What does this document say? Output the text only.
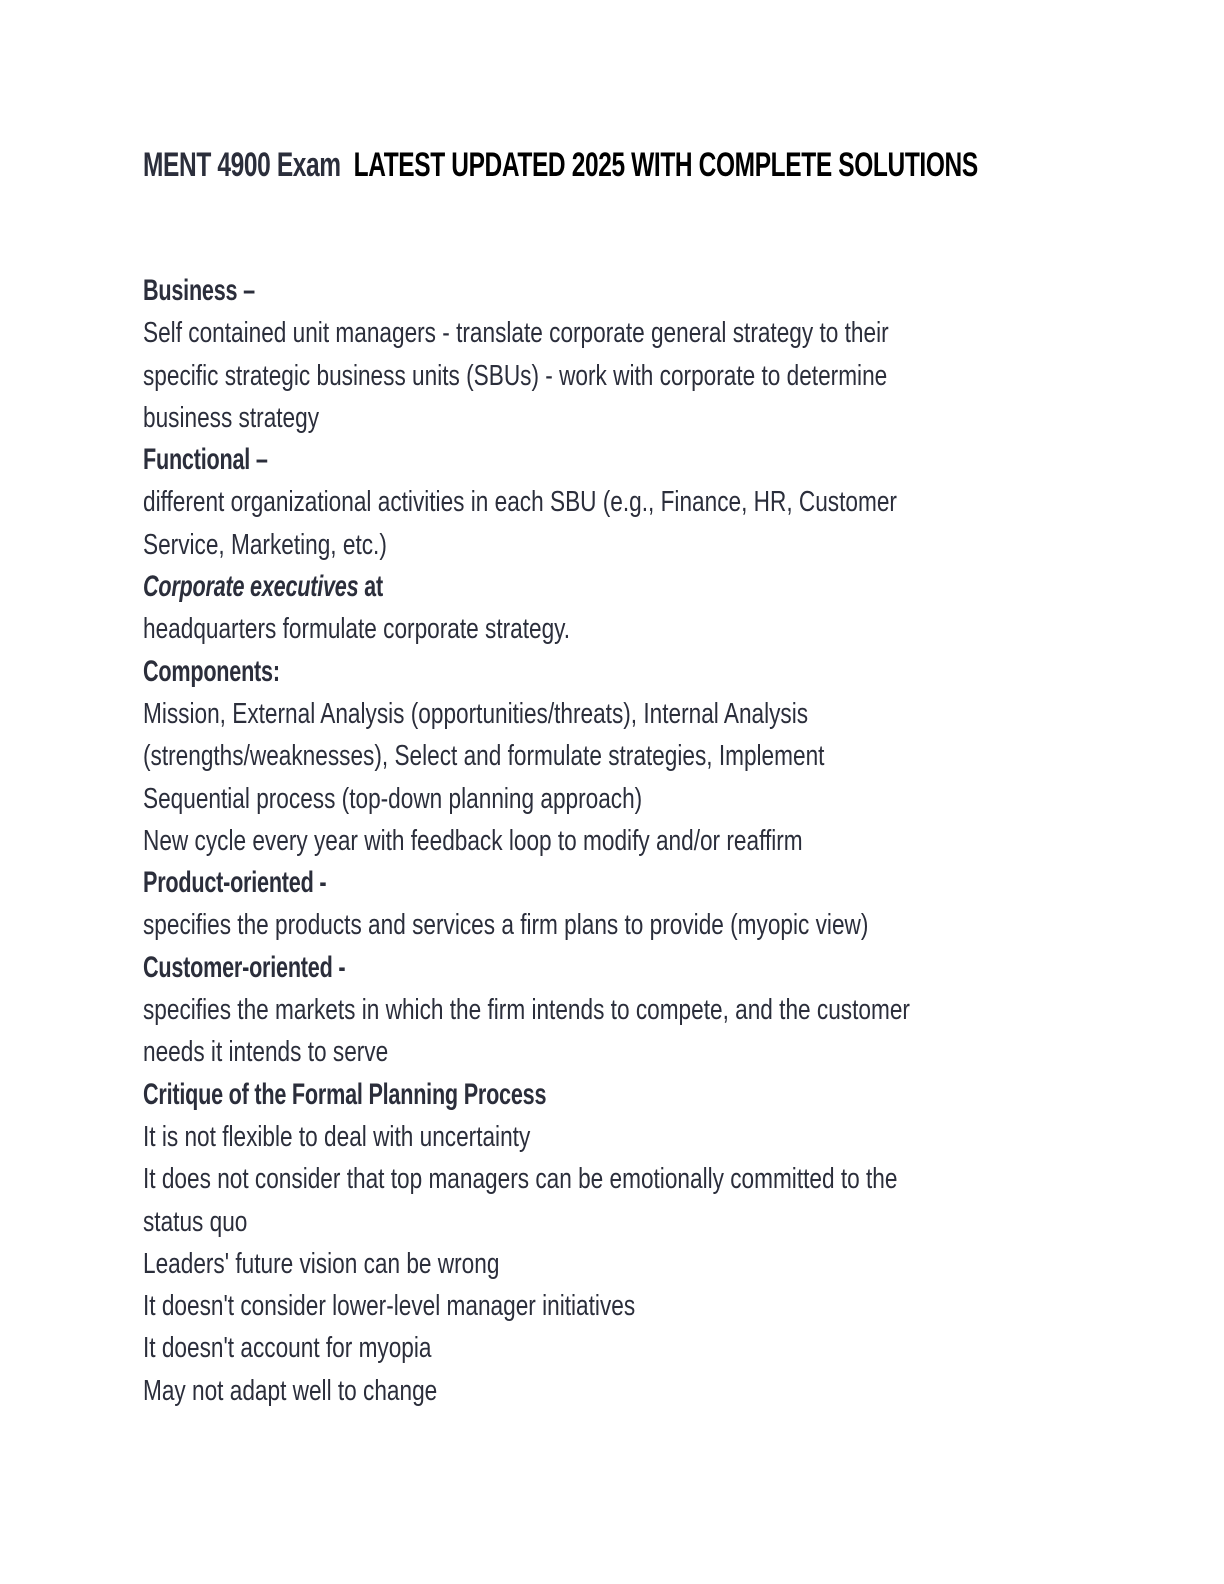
MENT 4900 Exam LATEST UPDATED 2025 WITH COMPLETE SOLUTIONS
Business –
Self contained unit managers - translate corporate general strategy to their
specific strategic business units (SBUs) - work with corporate to determine
business strategy
Functional –
different organizational activities in each SBU (e.g., Finance, HR, Customer
Service, Marketing, etc.)
Corporate executives at
headquarters formulate corporate strategy.
Components:
Mission, External Analysis (opportunities/threats), Internal Analysis
(strengths/weaknesses), Select and formulate strategies, Implement
Sequential process (top-down planning approach)
New cycle every year with feedback loop to modify and/or reaffirm
Product-oriented -
specifies the products and services a firm plans to provide (myopic view)
Customer-oriented -
specifies the markets in which the firm intends to compete, and the customer
needs it intends to serve
Critique of the Formal Planning Process
It is not flexible to deal with uncertainty
It does not consider that top managers can be emotionally committed to the
status quo
Leaders' future vision can be wrong
It doesn't consider lower-level manager initiatives
It doesn't account for myopia
May not adapt well to change
